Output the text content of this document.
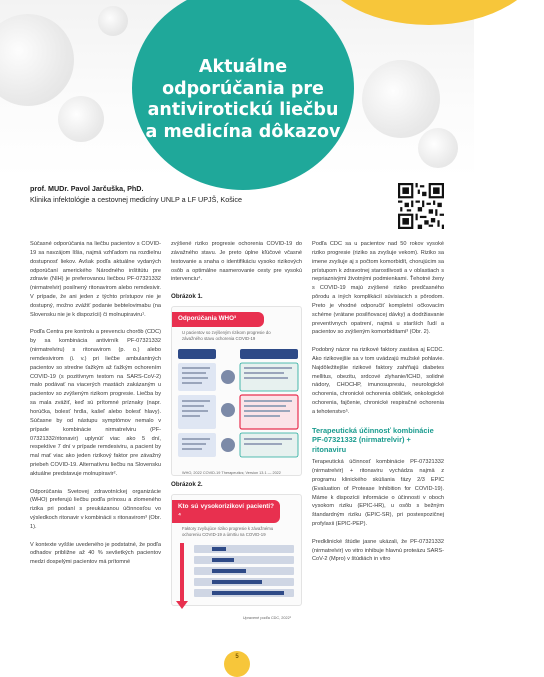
Aktuálne
odporúčania pre
antivirotickú liečbu
a medicína dôkazov
prof. MUDr. Pavol Jarčuška, PhD.
Klinika infektológie a cestovnej medicíny UNLP a LF UPJŠ, Košice

Súčasné odporúčania na liečbu pacientov s COVID-19 sa navzájom líšia, najmä vzhľadom na rozdielnu dostupnosť liekov. Avšak podľa aktuálne vydaných odporúčaní amerického Národného inštitútu pre zdravie (NIH) je preferovanou liečbou PF-07321332 (nirmatrelvir) posilnený ritonavirom alebo remdesivir. V prípade, že ani jeden z týchto prístupov nie je dostupný, možno zvážiť podanie bebtelovimabu (na Slovensku nie je k dispozícii) či molnupiraviru¹.

Podľa Centra pre kontrolu a prevenciu chorôb (CDC) by sa kombinácia antivirník PF-07321332 (nirmatrelviru) s ritonavirom (p. o.) alebo remdesivirom (i. v.) pri liečbe ambulantných pacientov so stredne ťažkým až ťažkým ochorením COVID-19 (s pozitívnym testom na SARS-CoV-2) malo podávať na viacerých mastách zakázaným u pacientov so zvýšeným rizikom progresie. Liečba by sa mala zvážiť, keď sú prítomné príznaky (napr. horúčka, bolesť hrdla, kašeľ alebo bolesť hlavy). Súčasne by od nástupu symptómov nemalo v prípade kombinácie nirmatrelviru (PF-07321332/ritonavir) uplynúť viac ako 5 dní, respektíve 7 dní v prípade remdesiviru, a pacient by mal mať viac ako jeden rizikový faktor pre závažný priebeh COVID-19. Alternatívnu liečbu na Slovensku aktuálne predstavuje molnupiravir².

Odporúčania Svetovej zdravotníckej organizácie (WHO) preferujú liečbu podľa prínosu a zlomeného rizika pri podaní s preukázanou účinnosťou vo výsledkoch ritonavir v kombinácii s ritonavirom³ (Obr. 1).

V kontexte vyššie uvedeného je podstatné, že podľa odhadov približne až 40 % sevšetkých pacientov medzi dospelými pacientov má prítomné

zvýšené riziko progresie ochorenia COVID-19 do závažného stavu. Je preto úplne kľúčové včasné testovanie a snaha o identifikáciu vysoko rizikových osôb a optimálne nasmerovanie cesty pre vysokú intervenciu⁴.

Obrázok 1.
Odporúčania WHO³
U pacientov so zvýšeným rizikom progresie do závažného stavu ochorenia COVID-19
WHO, 2022 COVID-19 Therapeutics; Version 13.1 — 2022
Obrázok 2.
Kto sú vysokorizikoví pacienti?⁴
Faktory zvyšujúce riziko progresie k závažnému ochoreniu COVID-19 a úmrtiu na COVID-19
Upravené podľa CDC, 2022¹

Podľa CDC sa u pacientov nad 50 rokov vysoké riziko progresie (riziko sa zvyšuje vekom). Riziko sa imene zvyšuje aj s počtom komorbidít, chorujúcim sa prístupom k zdravotnej starostlivosti a v oblastiach s nepriaznivými životnými podmienkami. Ťehotné ženy s COVID-19 majú zvýšené riziko predčasného pôrodu a iných komplikácií súvisiacich s pôrodom. Preto je vhodné odporučiť kompletní očkovacím schéme (vrátane posilňovacej dávky) a dodržiavanie preventívnych opatrení, najmä u starších ľudí a pacientov so zvýšeným komorbiditami³ (Obr. 2).

Podobný názor na rizikové faktory zastáva aj ECDC. Ako rizikovejšie sa v tom uvádzajú mužské pohlavie. Najdôležitejšie rizikové faktory zahŕňajú diabetes mellitus, obezitu, srdcové zlyhanie/ICHD, solidné nádory, CHOCHP, imunosupresiu, neurologické ochorenia, chronické ochorenia obličiek, onkologické ochorenia, fajčenie, chronické respiračné ochorenia a tehotenstvo⁵.

Terapeutická účinnosť kombinácie PF-07321332 (nirmatrelvir) + ritonaviru

Terapeutická účinnosť kombinácie PF-07321332 (nirmatrelvir) + ritonaviru vychádza najmä z programu klinického skúšania fázy 2/3 EPIC (Evaluation of Protease Inhibition for COVID-19). Máme k dispozícii informácie o účinnosti v oboch vysokom riziku (EPIC-HR), u osôb s bežným štandardným riziku (EPIC-SR), pri postexpozičnej profylaxii (EPIC-PEP).

Predklinické štúdie jasne ukázali, že PF-07321332 (nirmatrelvir) vo vitro inhibuje hlavnú proteázu SARS-CoV-2 (Mpro) v štúdiách in vitro

5
